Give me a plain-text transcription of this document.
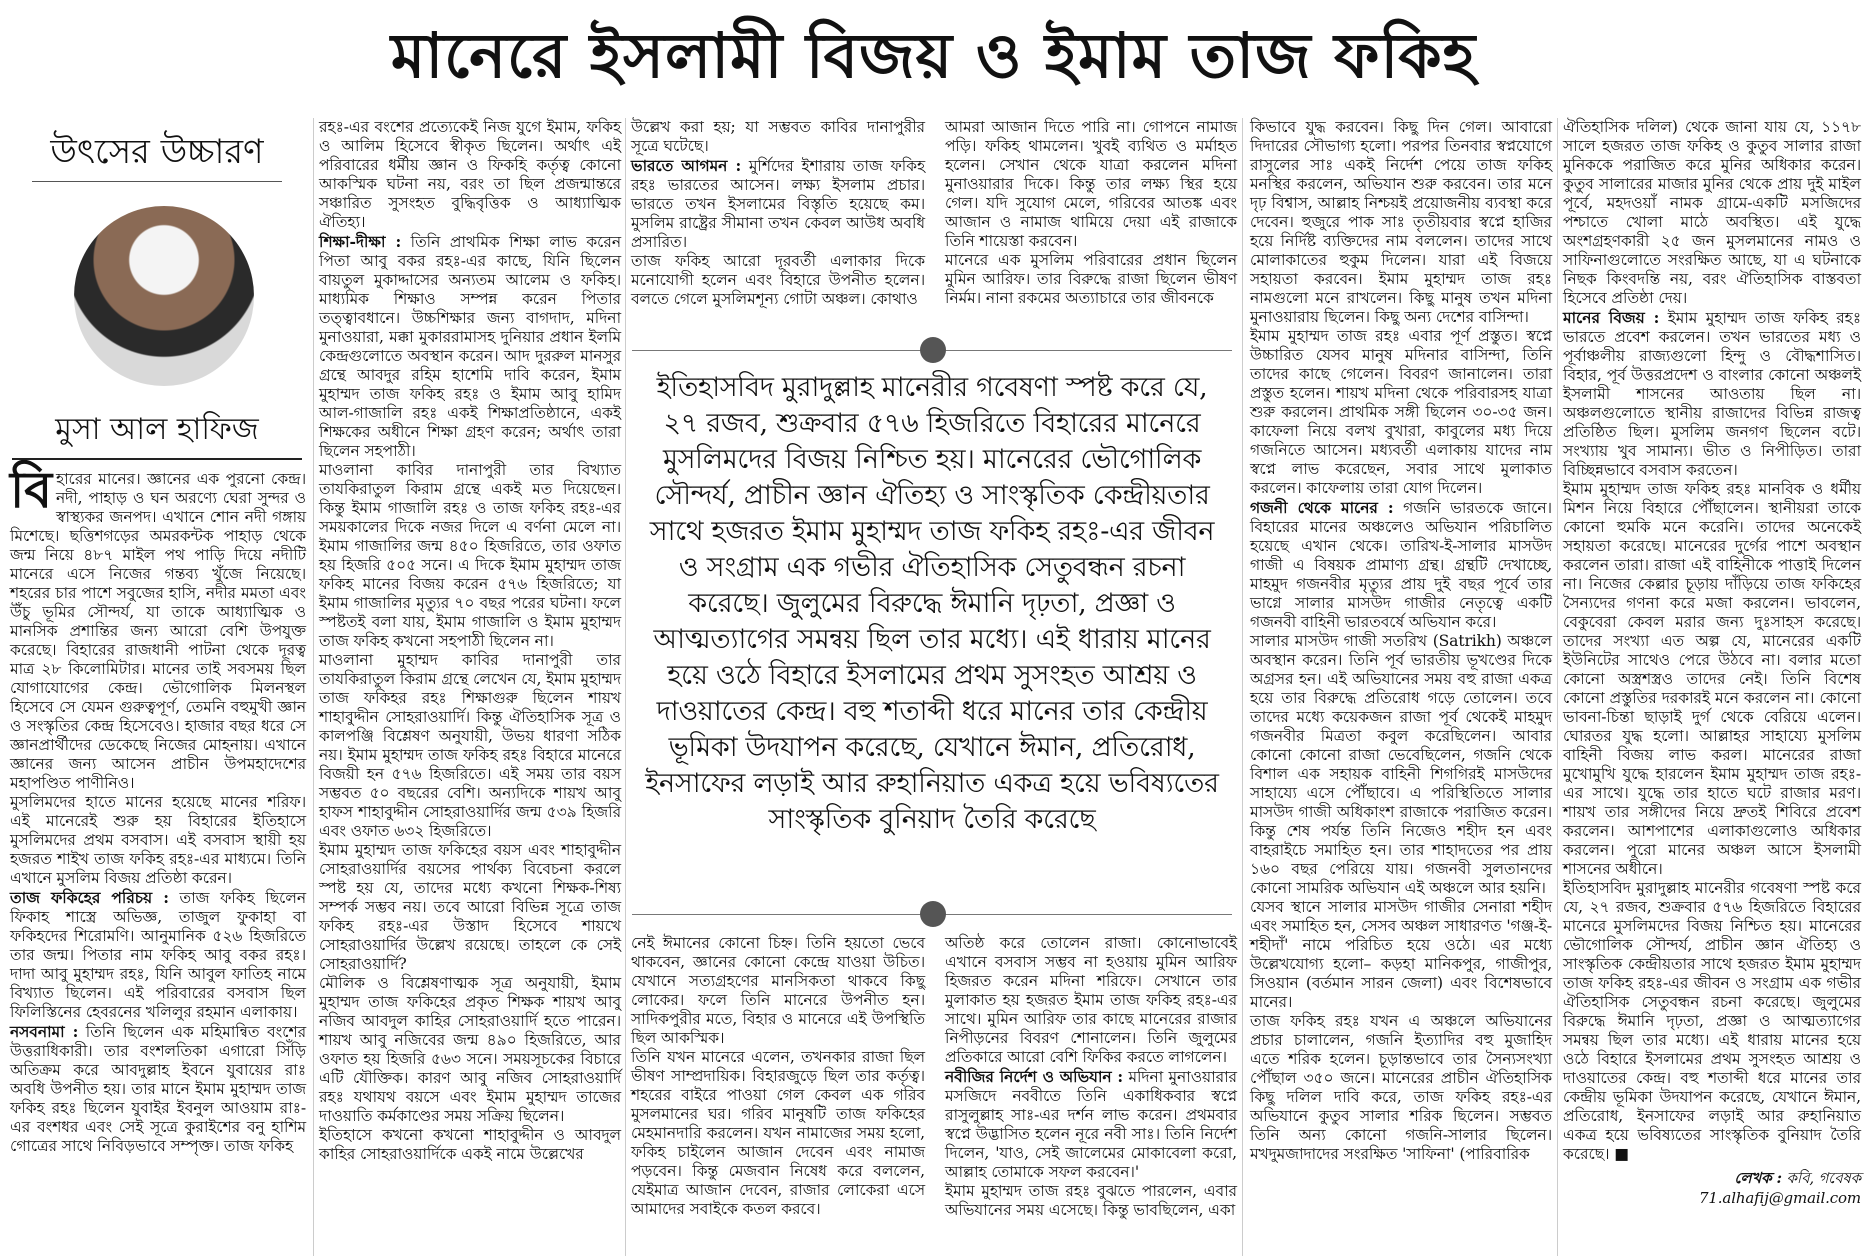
মানেরে ইসলামী বিজয় ও ইমাম তাজ ফকিহ
উৎসের উচ্চারণ
মুসা আল হাফিজ

বিহারের মানের। জ্ঞানের এক পুরনো কেন্দ্র। নদী, পাহাড় ও ঘন অরণ্যে ঘেরা সুন্দর ও স্বাস্থ্যকর জনপদ। এখানে শোন নদী গঙ্গায় মিশেছে। ছত্তিশগড়ের অমরকন্টক পাহাড় থেকে জন্ম নিয়ে ৪৮৭ মাইল পথ পাড়ি দিয়ে নদীটি মানেরে এসে নিজের গন্তব্য খুঁজে নিয়েছে। শহরের চার পাশে সবুজের হাসি, নদীর মমতা এবং উঁচু ভূমির সৌন্দর্য, যা তাকে আধ্যাত্মিক ও মানসিক প্রশান্তির জন্য আরো বেশি উপযুক্ত করেছে। বিহারের রাজধানী পাটনা থেকে দূরত্ব মাত্র ২৮ কিলোমিটার। মানের তাই সবসময় ছিল যোগাযোগের কেন্দ্র। ভৌগোলিক মিলনস্থল হিসেবে সে যেমন গুরুত্বপূর্ণ, তেমনি বহুমুখী জ্ঞান ও সংস্কৃতির কেন্দ্র হিসেবেও। হাজার বছর ধরে সে জ্ঞানপ্রার্থীদের ডেকেছে নিজের মোহনায়। এখানে জ্ঞানের জন্য আসেন প্রাচীন উপমহাদেশের মহাপণ্ডিত পাণীনিও।

মুসলিমদের হাতে মানের হয়েছে মানের শরিফ। এই মানেরেই শুরু হয় বিহারের ইতিহাসে মুসলিমদের প্রথম বসবাস। এই বসবাস স্থায়ী হয় হজরত শাইখ তাজ ফকিহ রহঃ-এর মাধ্যমে। তিনি এখানে মুসলিম বিজয় প্রতিষ্ঠা করেন।

তাজ ফকিহের পরিচয় : তাজ ফকিহ ছিলেন ফিকাহ শাস্ত্রে অভিজ্ঞ, তাজুল ফুকাহা বা ফকিহদের শিরোমণি। আনুমানিক ৫২৬ হিজরিতে তার জন্ম। পিতার নাম ফকিহ আবু বকর রহঃ। দাদা আবু মুহাম্মদ রহঃ, যিনি আবুল ফাতিহ নামে বিখ্যাত ছিলেন। এই পরিবারের বসবাস ছিল ফিলিস্তিনের হেবরনের খলিলুর রহমান এলাকায়।

নসবনামা : তিনি ছিলেন এক মহিমান্বিত বংশের উত্তরাধিকারী। তার বংশলতিকা এগারো সিঁড়ি অতিক্রম করে আবদুল্লাহ ইবনে যুবায়ের রাঃ অবধি উপনীত হয়। তার মানে ইমাম মুহাম্মদ তাজ ফকিহ রহঃ ছিলেন যুবাইর ইবনুল আওয়াম রাঃ-এর বংশধর এবং সেই সূত্রে কুরাইশের বনু হাশিম গোত্রের সাথে নিবিড়ভাবে সম্পৃক্ত। তাজ ফকিহ

রহঃ-এর বংশের প্রত্যেকেই নিজ যুগে ইমাম, ফকিহ ও আলিম হিসেবে স্বীকৃত ছিলেন। অর্থাৎ এই পরিবারের ধর্মীয় জ্ঞান ও ফিকহি কর্তৃত্ব কোনো আকস্মিক ঘটনা নয়, বরং তা ছিল প্রজন্মান্তরে সঞ্চারিত সুসংহত বুদ্ধিবৃত্তিক ও আধ্যাত্মিক ঐতিহ্য।

শিক্ষা-দীক্ষা : তিনি প্রাথমিক শিক্ষা লাভ করেন পিতা আবু বকর রহঃ-এর কাছে, যিনি ছিলেন বায়তুল মুকাদ্দাসের অন্যতম আলেম ও ফকিহ। মাধ্যমিক শিক্ষাও সম্পন্ন করেন পিতার তত্ত্বাবধানে। উচ্চশিক্ষার জন্য বাগদাদ, মদিনা মুনাওয়ারা, মক্কা মুকাররামাসহ দুনিয়ার প্রধান ইলমি কেন্দ্রগুলোতে অবস্থান করেন। আদ দুররুল মানসুর গ্রন্থে আবদুর রহিম হাশেমি দাবি করেন, ইমাম মুহাম্মদ তাজ ফকিহ রহঃ ও ইমাম আবু হামিদ আল-গাজালি রহঃ একই শিক্ষাপ্রতিষ্ঠানে, একই শিক্ষকের অধীনে শিক্ষা গ্রহণ করেন; অর্থাৎ তারা ছিলেন সহপাঠী।

মাওলানা কাবির দানাপুরী তার বিখ্যাত তাযকিরাতুল কিরাম গ্রন্থে একই মত দিয়েছেন। কিন্তু ইমাম গাজালি রহঃ ও তাজ ফকিহ রহঃ-এর সময়কালের দিকে নজর দিলে এ বর্ণনা মেলে না। ইমাম গাজালির জন্ম ৪৫০ হিজরিতে, তার ওফাত হয় হিজরি ৫০৫ সনে। এ দিকে ইমাম মুহাম্মদ তাজ ফকিহ মানের বিজয় করেন ৫৭৬ হিজরিতে; যা ইমাম গাজালির মৃত্যুর ৭০ বছর পরের ঘটনা। ফলে স্পষ্টতই বলা যায়, ইমাম গাজালি ও ইমাম মুহাম্মদ তাজ ফকিহ কখনো সহপাঠী ছিলেন না।

মাওলানা মুহাম্মদ কাবির দানাপুরী তার তাযকিরাতুল কিরাম গ্রন্থে লেখেন যে, ইমাম মুহাম্মদ তাজ ফকিহর রহঃ শিক্ষাগুরু ছিলেন শায়খ শাহাবুদ্দীন সোহরাওয়ার্দি। কিন্তু ঐতিহাসিক সূত্র ও কালপঞ্জি বিশ্লেষণ অনুযায়ী, উভয় ধারণা সঠিক নয়। ইমাম মুহাম্মদ তাজ ফকিহ রহঃ বিহারে মানেরে বিজয়ী হন ৫৭৬ হিজরিতে। এই সময় তার বয়স সম্ভবত ৫০ বছরের বেশি। অন্যদিকে শায়খ আবু হাফস শাহাবুদ্দীন সোহরাওয়ার্দির জন্ম ৫৩৯ হিজরি এবং ওফাত ৬৩২ হিজরিতে।

ইমাম মুহাম্মদ তাজ ফকিহের বয়স এবং শাহাবুদ্দীন সোহরাওয়ার্দির বয়সের পার্থক্য বিবেচনা করলে স্পষ্ট হয় যে, তাদের মধ্যে কখনো শিক্ষক-শিষ্য সম্পর্ক সম্ভব নয়। তবে আরো বিভিন্ন সূত্রে তাজ ফকিহ রহঃ-এর উস্তাদ হিসেবে শায়খে সোহরাওয়ার্দির উল্লেখ রয়েছে। তাহলে কে সেই সোহরাওয়ার্দি?

মৌলিক ও বিশ্লেষণাত্মক সূত্র অনুযায়ী, ইমাম মুহাম্মদ তাজ ফকিহের প্রকৃত শিক্ষক শায়খ আবু নজিব আবদুল কাহির সোহরাওয়ার্দি হতে পারেন। শায়খ আবু নজিবের জন্ম ৪৯০ হিজরিতে, আর ওফাত হয় হিজরি ৫৬৩ সনে। সময়সূচকের বিচারে এটি যৌক্তিক। কারণ আবু নজিব সোহরাওয়ার্দি রহঃ যথাযথ বয়সে এবং ইমাম মুহাম্মদ তাজের দাওয়াতি কর্মকাণ্ডের সময় সক্রিয় ছিলেন।

ইতিহাসে কখনো কখনো শাহাবুদ্দীন ও আবদুল কাহির সোহরাওয়ার্দিকে একই নামে উল্লেখের

উল্লেখ করা হয়; যা সম্ভবত কাবির দানাপুরীর সূত্রে ঘটেছে।

ভারতে আগমন : মুর্শিদের ইশারায় তাজ ফকিহ রহঃ ভারতের আসেন। লক্ষ্য ইসলাম প্রচার। ভারতে তখন ইসলামের বিস্তৃতি হয়েছে কম। মুসলিম রাষ্ট্রের সীমানা তখন কেবল আউধ অবধি প্রসারিত।

তাজ ফকিহ আরো দূরবর্তী এলাকার দিকে মনোযোগী হলেন এবং বিহারে উপনীত হলেন। বলতে গেলে মুসলিমশূন্য গোটা অঞ্চল। কোথাও

আমরা আজান দিতে পারি না। গোপনে নামাজ পড়ি। ফকিহ থামলেন। খুবই ব্যথিত ও মর্মাহত হলেন। সেখান থেকে যাত্রা করলেন মদিনা মুনাওয়ারার দিকে। কিন্তু তার লক্ষ্য স্থির হয়ে গেল। যদি সুযোগ মেলে, গরিবের আতঙ্ক এবং আজান ও নামাজ থামিয়ে দেয়া এই রাজাকে তিনি শায়েস্তা করবেন।

মানেরে এক মুসলিম পরিবারের প্রধান ছিলেন মুমিন আরিফ। তার বিরুদ্ধে রাজা ছিলেন ভীষণ নির্মম। নানা রকমের অত্যাচারে তার জীবনকে

ইতিহাসবিদ মুরাদুল্লাহ মানেরীর গবেষণা স্পষ্ট করে যে, ২৭ রজব, শুক্রবার ৫৭৬ হিজরিতে বিহারের মানেরে মুসলিমদের বিজয় নিশ্চিত হয়। মানেরের ভৌগোলিক সৌন্দর্য, প্রাচীন জ্ঞান ঐতিহ্য ও সাংস্কৃতিক কেন্দ্রীয়তার সাথে হজরত ইমাম মুহাম্মদ তাজ ফকিহ রহঃ-এর জীবন ও সংগ্রাম এক গভীর ঐতিহাসিক সেতুবন্ধন রচনা করেছে। জুলুমের বিরুদ্ধে ঈমানি দৃঢ়তা, প্রজ্ঞা ও আত্মত্যাগের সমন্বয় ছিল তার মধ্যে। এই ধারায় মানের হয়ে ওঠে বিহারে ইসলামের প্রথম সুসংহত আশ্রয় ও দাওয়াতের কেন্দ্র। বহু শতাব্দী ধরে মানের তার কেন্দ্রীয় ভূমিকা উদযাপন করেছে, যেখানে ঈমান, প্রতিরোধ, ইনসাফের লড়াই আর রুহানিয়াত একত্র হয়ে ভবিষ্যতের সাংস্কৃতিক বুনিয়াদ তৈরি করেছে

নেই ঈমানের কোনো চিহ্ন। তিনি হয়তো ভেবে থাকবেন, জ্ঞানের কোনো কেন্দ্রে যাওয়া উচিত। যেখানে সত্যগ্রহণের মানসিকতা থাকবে কিছু লোকের। ফলে তিনি মানেরে উপনীত হন। সাদিকপুরীর মতে, বিহার ও মানেরে এই উপস্থিতি ছিল আকস্মিক।

তিনি যখন মানেরে এলেন, তখনকার রাজা ছিল ভীষণ সাম্প্রদায়িক। বিহারজুড়ে ছিল তার কর্তৃত্ব। শহরের বাইরে পাওয়া গেল কেবল এক গরিব মুসলমানের ঘর। গরিব মানুষটি তাজ ফকিহের মেহমানদারি করলেন। যখন নামাজের সময় হলো, ফকিহ চাইলেন আজান দেবেন এবং নামাজ পড়বেন। কিন্তু মেজবান নিষেধ করে বললেন, যেইমাত্র আজান দেবেন, রাজার লোকেরা এসে আমাদের সবাইকে কতল করবে।

অতিষ্ঠ করে তোলেন রাজা। কোনোভাবেই এখানে বসবাস সম্ভব না হওয়ায় মুমিন আরিফ হিজরত করেন মদিনা শরিফে। সেখানে তার মুলাকাত হয় হজরত ইমাম তাজ ফকিহ রহঃ-এর সাথে। মুমিন আরিফ তার কাছে মানেরের রাজার নিপীড়নের বিবরণ শোনালেন। তিনি জুলুমের প্রতিকারে আরো বেশি ফিকির করতে লাগলেন।

নবীজির নির্দেশ ও অভিযান : মদিনা মুনাওয়ারার মসজিদে নববীতে তিনি একাধিকবার স্বপ্নে রাসুলুল্লাহ সাঃ-এর দর্শন লাভ করেন। প্রথমবার স্বপ্নে উদ্ভাসিত হলেন নূরে নবী সাঃ। তিনি নির্দেশ দিলেন, 'যাও, সেই জালেমের মোকাবেলা করো, আল্লাহ তোমাকে সফল করবেন।'

ইমাম মুহাম্মদ তাজ রহঃ বুঝতে পারলেন, এবার অভিযানের সময় এসেছে। কিন্তু ভাবছিলেন, একা

কিভাবে যুদ্ধ করবেন। কিছু দিন গেল। আবারো দিদারের সৌভাগ্য হলো। পরপর তিনবার স্বপ্নযোগে রাসুলের সাঃ একই নির্দেশ পেয়ে তাজ ফকিহ মনস্থির করলেন, অভিযান শুরু করবেন। তার মনে দৃঢ় বিশ্বাস, আল্লাহ নিশ্চয়ই প্রয়োজনীয় ব্যবস্থা করে দেবেন। হুজুরে পাক সাঃ তৃতীয়বার স্বপ্নে হাজির হয়ে নির্দিষ্ট ব্যক্তিদের নাম বললেন। তাদের সাথে মোলাকাতের হুকুম দিলেন। যারা এই বিজয়ে সহায়তা করবেন। ইমাম মুহাম্মদ তাজ রহঃ নামগুলো মনে রাখলেন। কিছু মানুষ তখন মদিনা মুনাওয়ারায় ছিলেন। কিছু অন্য দেশের বাসিন্দা।

ইমাম মুহাম্মদ তাজ রহঃ এবার পূর্ণ প্রস্তুত। স্বপ্নে উচ্চারিত যেসব মানুষ মদিনার বাসিন্দা, তিনি তাদের কাছে গেলেন। বিবরণ জানালেন। তারা প্রস্তুত হলেন। শায়খ মদিনা থেকে পরিবারসহ যাত্রা শুরু করলেন। প্রাথমিক সঙ্গী ছিলেন ৩০-৩৫ জন। কাফেলা নিয়ে বলখ বুখারা, কাবুলের মধ্য দিয়ে গজনিতে আসেন। মধ্যবর্তী এলাকায় যাদের নাম স্বপ্নে লাভ করেছেন, সবার সাথে মুলাকাত করলেন। কাফেলায় তারা যোগ দিলেন।

গজনী থেকে মানের : গজনি ভারতকে জানে। বিহারের মানের অঞ্চলেও অভিযান পরিচালিত হয়েছে এখান থেকে। তারিখ-ই-সালার মাসউদ গাজী এ বিষয়ক প্রামাণ্য গ্রন্থ। গ্রন্থটি দেখাচ্ছে, মাহমুদ গজনবীর মৃত্যুর প্রায় দুই বছর পূর্বে তার ভাগ্নে সালার মাসউদ গাজীর নেতৃত্বে একটি গজনবী বাহিনী ভারতবর্ষে অভিযান করে।

সালার মাসউদ গাজী সতরিখ (Satrikh) অঞ্চলে অবস্থান করেন। তিনি পূর্ব ভারতীয় ভূখণ্ডের দিকে অগ্রসর হন। এই অভিযানের সময় বহু রাজা একত্র হয়ে তার বিরুদ্ধে প্রতিরোধ গড়ে তোলেন। তবে তাদের মধ্যে কয়েকজন রাজা পূর্ব থেকেই মাহমুদ গজনবীর মিত্রতা কবুল করেছিলেন। আবার কোনো কোনো রাজা ভেবেছিলেন, গজনি থেকে বিশাল এক সহায়ক বাহিনী শিগগিরই মাসউদের সাহায্যে এসে পৌঁছাবে। এ পরিস্থিতিতে সালার মাসউদ গাজী অধিকাংশ রাজাকে পরাজিত করেন। কিন্তু শেষ পর্যন্ত তিনি নিজেও শহীদ হন এবং বাহরাইচে সমাহিত হন। তার শাহাদতের পর প্রায় ১৬০ বছর পেরিয়ে যায়। গজনবী সুলতানদের কোনো সামরিক অভিযান এই অঞ্চলে আর হয়নি।

যেসব স্থানে সালার মাসউদ গাজীর সেনারা শহীদ এবং সমাহিত হন, সেসব অঞ্চল সাধারণত 'গঞ্জ-ই-শহীদাঁ' নামে পরিচিত হয়ে ওঠে। এর মধ্যে উল্লেখযোগ্য হলো– কড়হা মানিকপুর, গাজীপুর, সিওয়ান (বর্তমান সারন জেলা) এবং বিশেষভাবে মানের।

তাজ ফকিহ রহঃ যখন এ অঞ্চলে অভিযানের প্রচার চালালেন, গজনি ইত্যাদির বহু মুজাহিদ এতে শরিক হলেন। চূড়ান্তভাবে তার সৈন্যসংখ্যা পৌঁছাল ৩৫০ জনে। মানেরের প্রাচীন ঐতিহাসিক কিছু দলিল দাবি করে, তাজ ফকিহ রহঃ-এর অভিযানে কুতুব সালার শরিক ছিলেন। সম্ভবত তিনি অন্য কোনো গজনি-সালার ছিলেন। মখদুমজাদাদের সংরক্ষিত 'সাফিনা' (পারিবারিক

ঐতিহাসিক দলিল) থেকে জানা যায় যে, ১১৭৮ সালে হজরত তাজ ফকিহ ও কুতুব সালার রাজা মুনিককে পরাজিত করে মুনির অধিকার করেন। কুতুব সালারের মাজার মুনির থেকে প্রায় দুই মাইল পূর্বে, মহদওয়াঁ নামক গ্রামে-একটি মসজিদের পশ্চাতে খোলা মাঠে অবস্থিত। এই যুদ্ধে অংশগ্রহণকারী ২৫ জন মুসলমানের নামও ও সাফিনাগুলোতে সংরক্ষিত আছে, যা এ ঘটনাকে নিছক কিংবদন্তি নয়, বরং ঐতিহাসিক বাস্তবতা হিসেবে প্রতিষ্ঠা দেয়।

মানের বিজয় : ইমাম মুহাম্মদ তাজ ফকিহ রহঃ ভারতে প্রবেশ করলেন। তখন ভারতের মধ্য ও পূর্বাঞ্চলীয় রাজ্যগুলো হিন্দু ও বৌদ্ধশাসিত। বিহার, পূর্ব উত্তরপ্রদেশ ও বাংলার কোনো অঞ্চলই ইসলামী শাসনের আওতায় ছিল না। অঞ্চলগুলোতে স্থানীয় রাজাদের বিভিন্ন রাজত্ব প্রতিষ্ঠিত ছিল। মুসলিম জনগণ ছিলেন বটে। সংখ্যায় খুব সামান্য। ভীত ও নিপীড়িত। তারা বিচ্ছিন্নভাবে বসবাস করতেন।

ইমাম মুহাম্মদ তাজ ফকিহ রহঃ মানবিক ও ধর্মীয় মিশন নিয়ে বিহারে পৌঁছালেন। স্থানীয়রা তাকে কোনো হুমকি মনে করেনি। তাদের অনেকেই সহায়তা করেছে। মানেরের দুর্গের পাশে অবস্থান করলেন তারা। রাজা এই বাহিনীকে পাত্তাই দিলেন না। নিজের কেল্লার চূড়ায় দাঁড়িয়ে তাজ ফকিহের সৈন্যদের গণনা করে মজা করলেন। ভাবলেন, বেকুবেরা কেবল মরার জন্য দুঃসাহস করেছে। তাদের সংখ্যা এত অল্প যে, মানেরের একটি ইউনিটের সাথেও পেরে উঠবে না। বলার মতো কোনো অস্ত্রশস্ত্রও তাদের নেই। তিনি বিশেষ কোনো প্রস্তুতির দরকারই মনে করলেন না। কোনো ভাবনা-চিন্তা ছাড়াই দুর্গ থেকে বেরিয়ে এলেন। ঘোরতর যুদ্ধ হলো। আল্লাহর সাহায্যে মুসলিম বাহিনী বিজয় লাভ করল। মানেরের রাজা মুখোমুখি যুদ্ধে হারলেন ইমাম মুহাম্মদ তাজ রহঃ-এর সাথে। যুদ্ধে তার হাতে ঘটে রাজার মরণ। শায়খ তার সঙ্গীদের নিয়ে দ্রুতই শিবিরে প্রবেশ করলেন। আশপাশের এলাকাগুলোও অধিকার করলেন। পুরো মানের অঞ্চল আসে ইসলামী শাসনের অধীনে।

ইতিহাসবিদ মুরাদুল্লাহ মানেরীর গবেষণা স্পষ্ট করে যে, ২৭ রজব, শুক্রবার ৫৭৬ হিজরিতে বিহারের মানেরে মুসলিমদের বিজয় নিশ্চিত হয়। মানেরের ভৌগোলিক সৌন্দর্য, প্রাচীন জ্ঞান ঐতিহ্য ও সাংস্কৃতিক কেন্দ্রীয়তার সাথে হজরত ইমাম মুহাম্মদ তাজ ফকিহ রহঃ-এর জীবন ও সংগ্রাম এক গভীর ঐতিহাসিক সেতুবন্ধন রচনা করেছে। জুলুমের বিরুদ্ধে ঈমানি দৃঢ়তা, প্রজ্ঞা ও আত্মত্যাগের সমন্বয় ছিল তার মধ্যে। এই ধারায় মানের হয়ে ওঠে বিহারে ইসলামের প্রথম সুসংহত আশ্রয় ও দাওয়াতের কেন্দ্র। বহু শতাব্দী ধরে মানের তার কেন্দ্রীয় ভূমিকা উদযাপন করেছে, যেখানে ঈমান, প্রতিরোধ, ইনসাফের লড়াই আর রুহানিয়াত একত্র হয়ে ভবিষ্যতের সাংস্কৃতিক বুনিয়াদ তৈরি করেছে। ■

লেখক : কবি, গবেষক
71.alhafij@gmail.com
